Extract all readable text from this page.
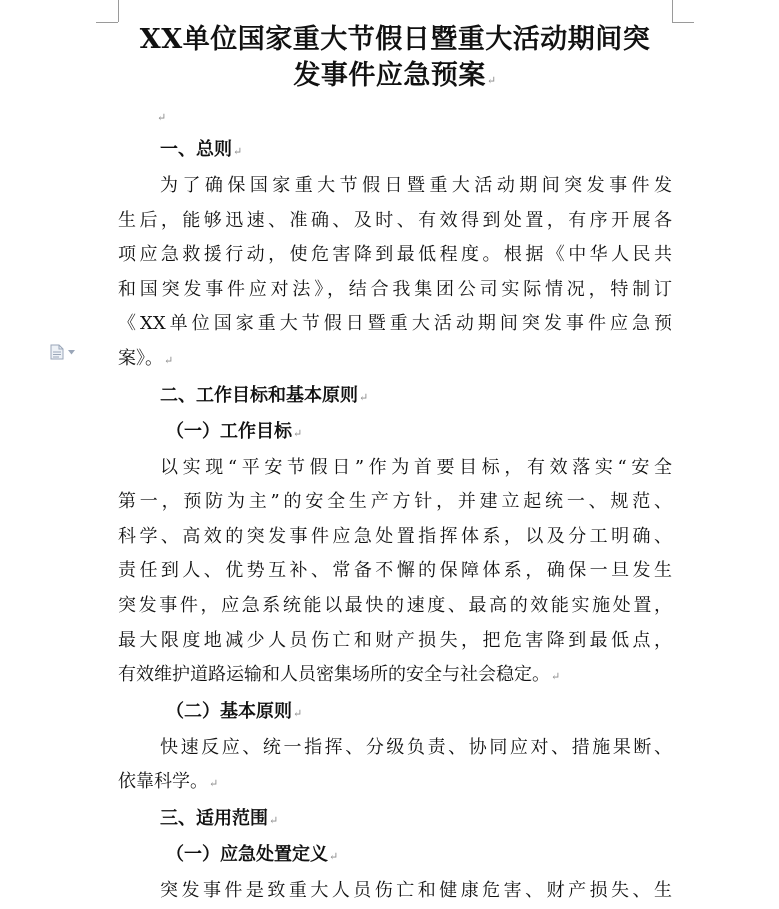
XX单位国家重大节假日暨重大活动期间突
发事件应急预案↵
↵
一、总则↵
为了确保国家重大节假日暨重大活动期间突发事件发
生后，能够迅速、准确、及时、有效得到处置，有序开展各
项应急救援行动，使危害降到最低程度。根据《中华人民共
和国突发事件应对法》，结合我集团公司实际情况，特制订
《XX单位国家重大节假日暨重大活动期间突发事件应急预
案》。↵
二、工作目标和基本原则↵
（一）工作目标↵
以实现“平安节假日”作为首要目标，有效落实“安全
第一，预防为主”的安全生产方针，并建立起统一、规范、
科学、高效的突发事件应急处置指挥体系，以及分工明确、
责任到人、优势互补、常备不懈的保障体系，确保一旦发生
突发事件，应急系统能以最快的速度、最高的效能实施处置，
最大限度地减少人员伤亡和财产损失，把危害降到最低点，
有效维护道路运输和人员密集场所的安全与社会稳定。↵
（二）基本原则↵
快速反应、统一指挥、分级负责、协同应对、措施果断、
依靠科学。↵
三、适用范围↵
（一）应急处置定义↵
突发事件是致重大人员伤亡和健康危害、财产损失、生
